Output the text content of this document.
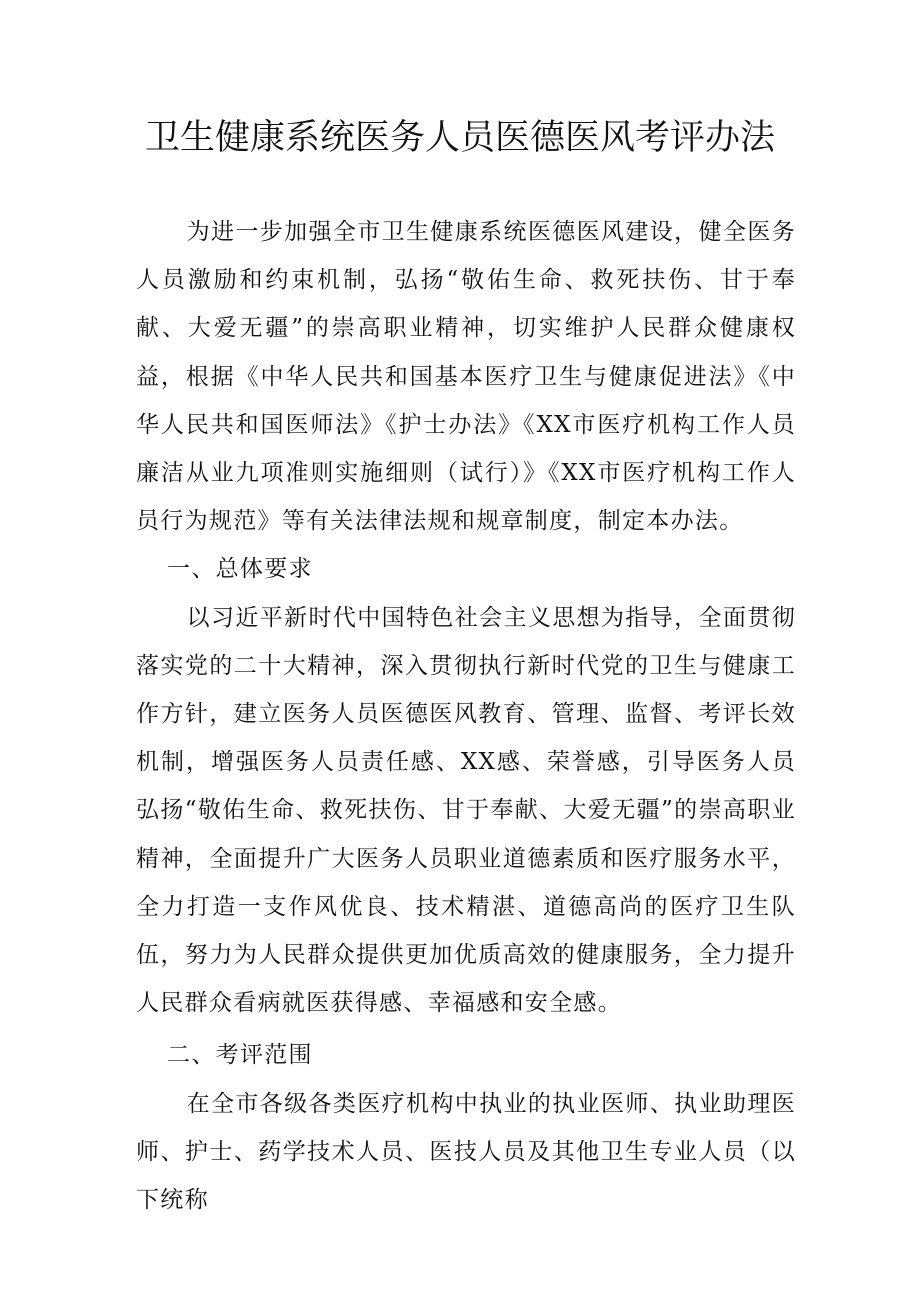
卫生健康系统医务人员医德医风考评办法

为进一步加强全市卫生健康系统医德医风建设，健全医务人员激励和约束机制，弘扬“敬佑生命、救死扶伤、甘于奉献、大爱无疆”的崇高职业精神，切实维护人民群众健康权益，根据《中华人民共和国基本医疗卫生与健康促进法》《中华人民共和国医师法》《护士办法》《XX市医疗机构工作人员廉洁从业九项准则实施细则（试行）》《XX市医疗机构工作人员行为规范》等有关法律法规和规章制度，制定本办法。

一、总体要求

以习近平新时代中国特色社会主义思想为指导，全面贯彻落实党的二十大精神，深入贯彻执行新时代党的卫生与健康工作方针，建立医务人员医德医风教育、管理、监督、考评长效机制，增强医务人员责任感、XX感、荣誉感，引导医务人员弘扬“敬佑生命、救死扶伤、甘于奉献、大爱无疆”的崇高职业精神，全面提升广大医务人员职业道德素质和医疗服务水平，全力打造一支作风优良、技术精湛、道德高尚的医疗卫生队伍，努力为人民群众提供更加优质高效的健康服务，全力提升人民群众看病就医获得感、幸福感和安全感。

二、考评范围

在全市各级各类医疗机构中执业的执业医师、执业助理医师、护士、药学技术人员、医技人员及其他卫生专业人员（以下统称
